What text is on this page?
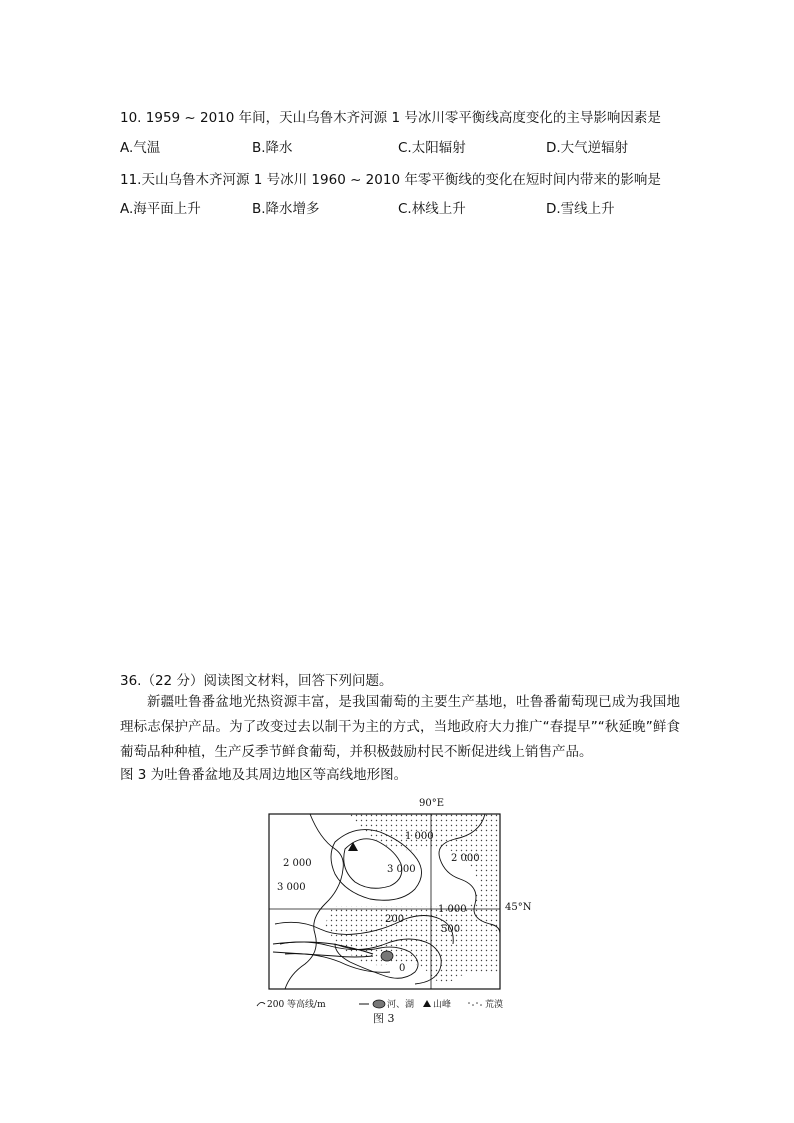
10. 1959 ~ 2010 年间，天山乌鲁木齐河源 1 号冰川零平衡线高度变化的主导影响因素是
A.气温	B.降水	C.太阳辐射	D.大气逆辐射
11.天山乌鲁木齐河源 1 号冰川 1960 ~ 2010 年零平衡线的变化在短时间内带来的影响是
A.海平面上升	B.降水增多	C.林线上升	D.雪线上升
36.（22 分）阅读图文材料，回答下列问题。
新疆吐鲁番盆地光热资源丰富，是我国葡萄的主要生产基地，吐鲁番葡萄现已成为我国地理标志保护产品。为了改变过去以制干为主的方式，当地政府大力推广“春提早”“秋延晚”鲜食葡萄品种种植，生产反季节鲜食葡萄，并积极鼓励村民不断促进线上销售产品。
图 3 为吐鲁番盆地及其周边地区等高线地形图。
90°E
1 000
2 000	2 000
3 000
3 000
1 000
500
200
0
45°N
200 等高线/m	河、湖 山峰	荒漠
图 3
